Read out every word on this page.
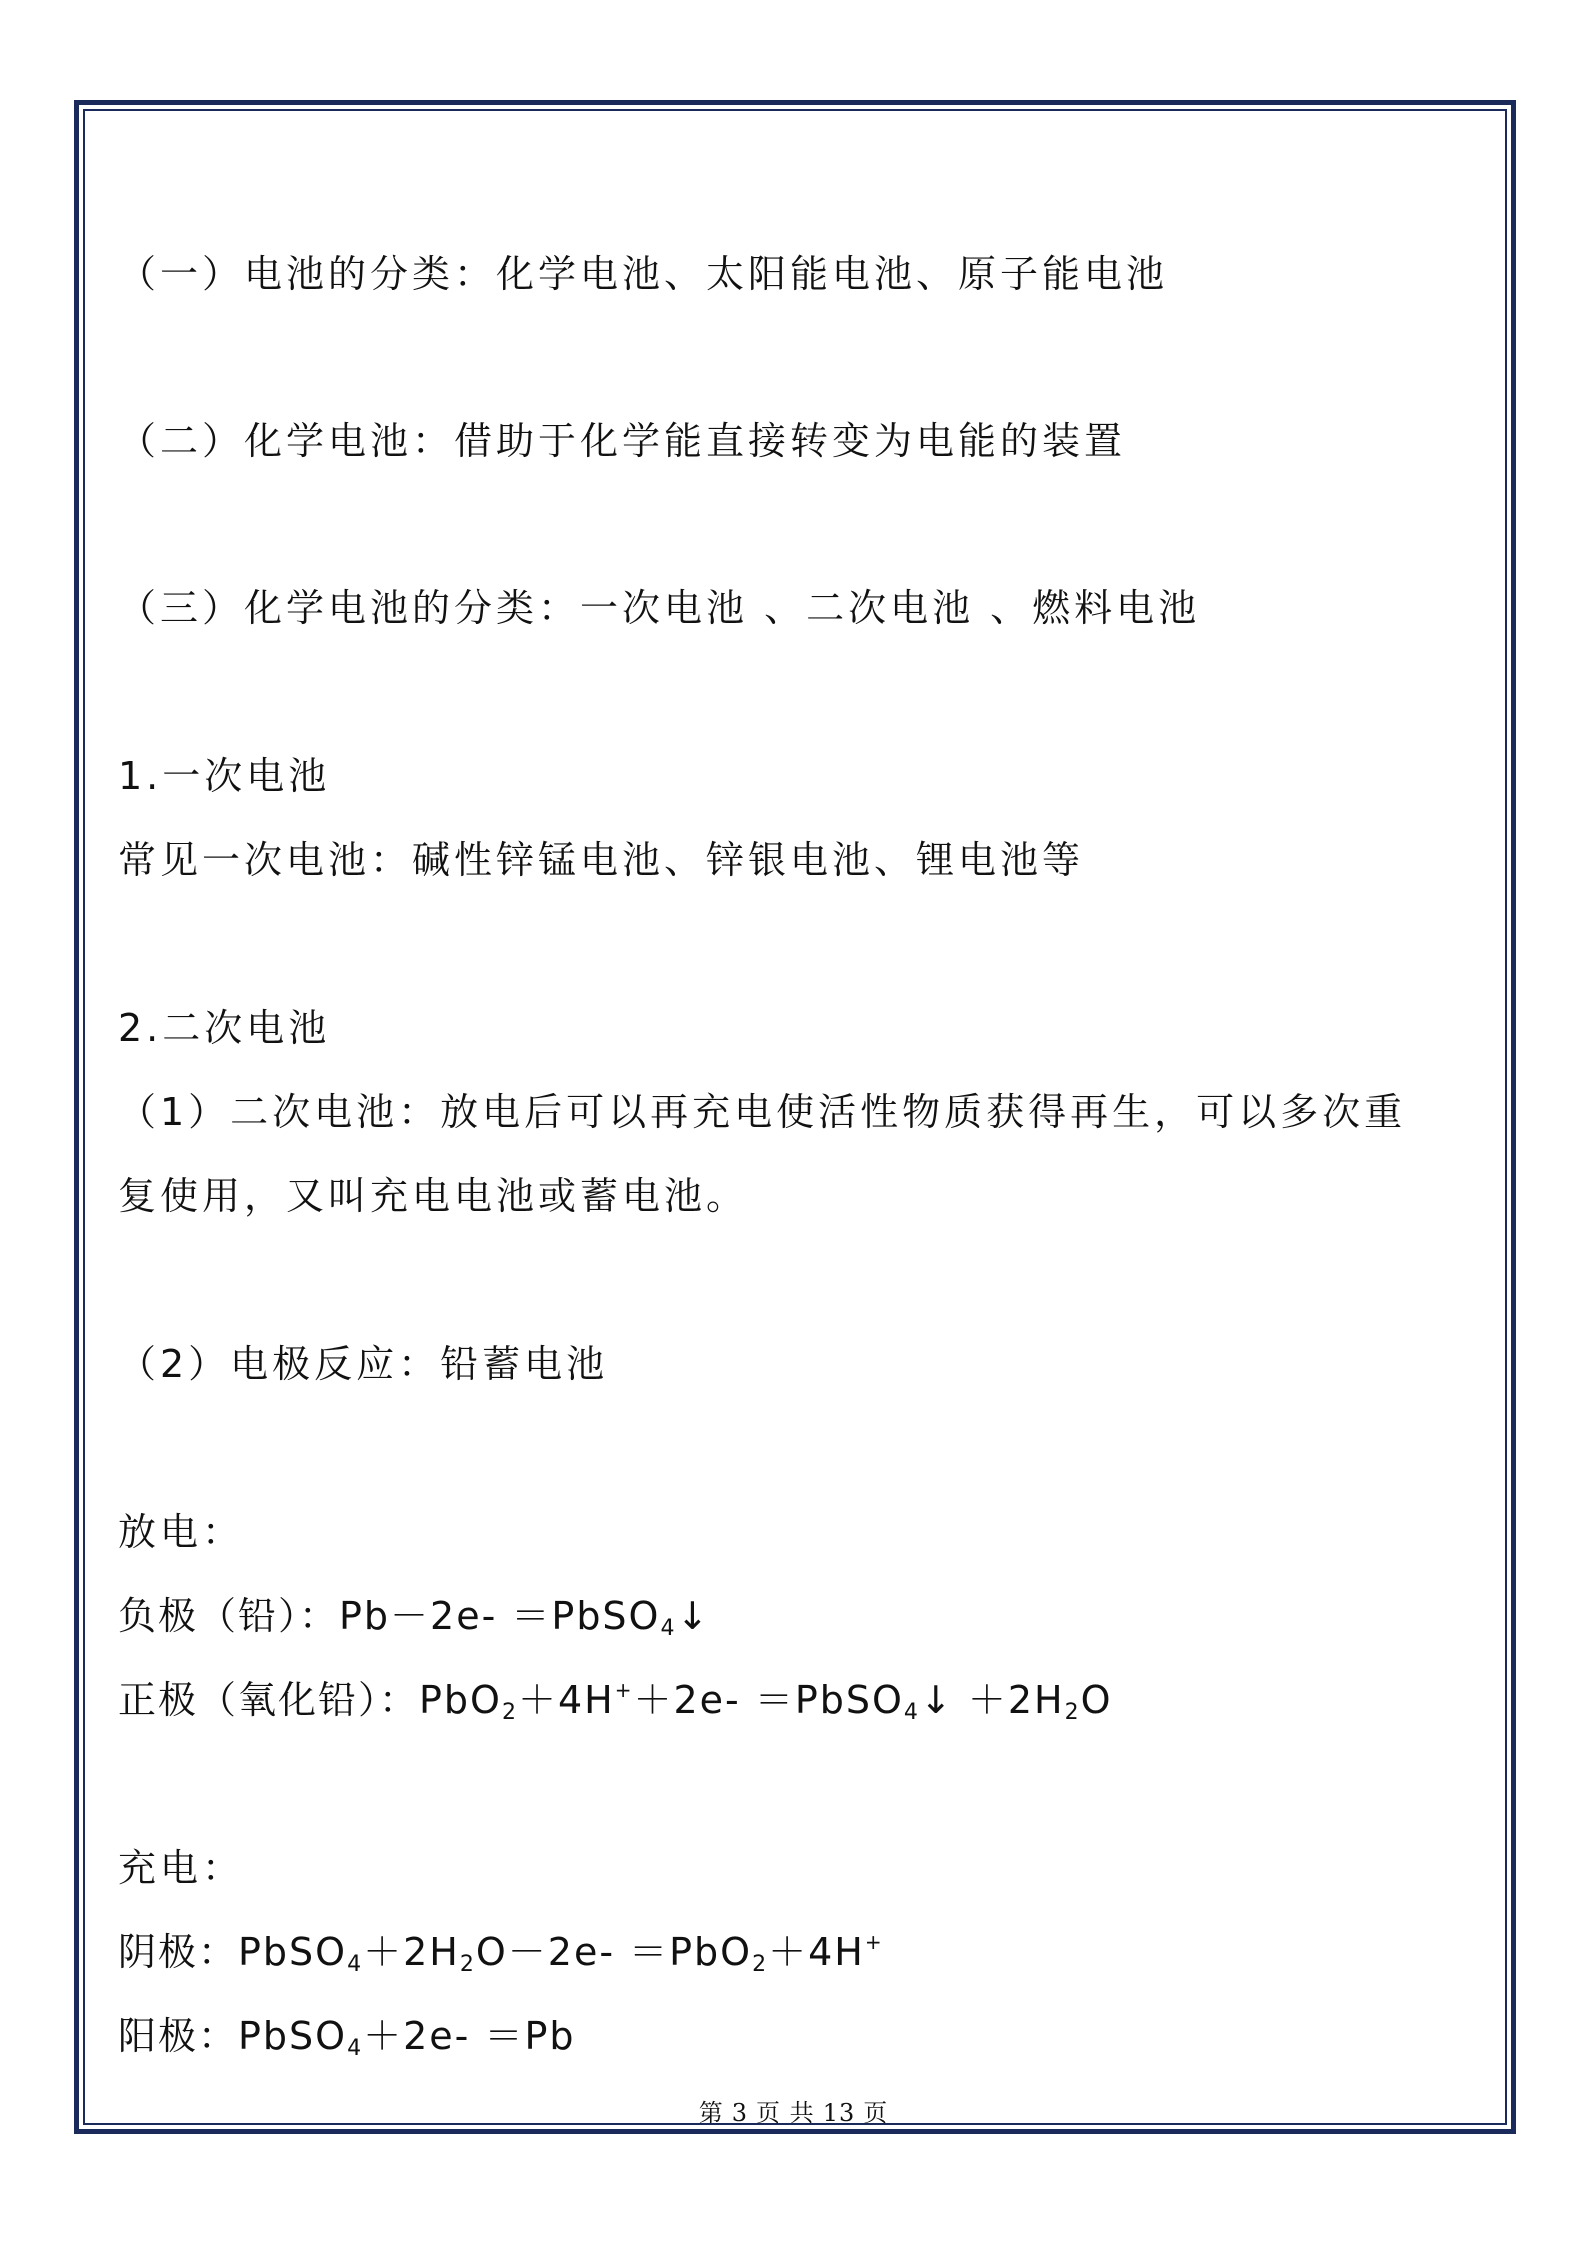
（一）电池的分类：化学电池、太阳能电池、原子能电池
（二）化学电池：借助于化学能直接转变为电能的装置
（三）化学电池的分类：一次电池 、二次电池 、燃料电池
1.一次电池
常见一次电池：碱性锌锰电池、锌银电池、锂电池等
2.二次电池
（1）二次电池：放电后可以再充电使活性物质获得再生，可以多次重
复使用，又叫充电电池或蓄电池。
（2）电极反应：铅蓄电池
放电：
负极（铅）：Pb－2e- ＝PbSO$_4$↓
正极（氧化铅）：PbO$_2$＋4H+＋2e- ＝PbSO$_4$↓ $+2H_2O$
充电：
阴极：$PbSO_4+2H_2O-2e- =PbO_2+4H^+$
阳极：PbSO$_4$＋2e- ＝Pb
第 3 页 共 13 页
